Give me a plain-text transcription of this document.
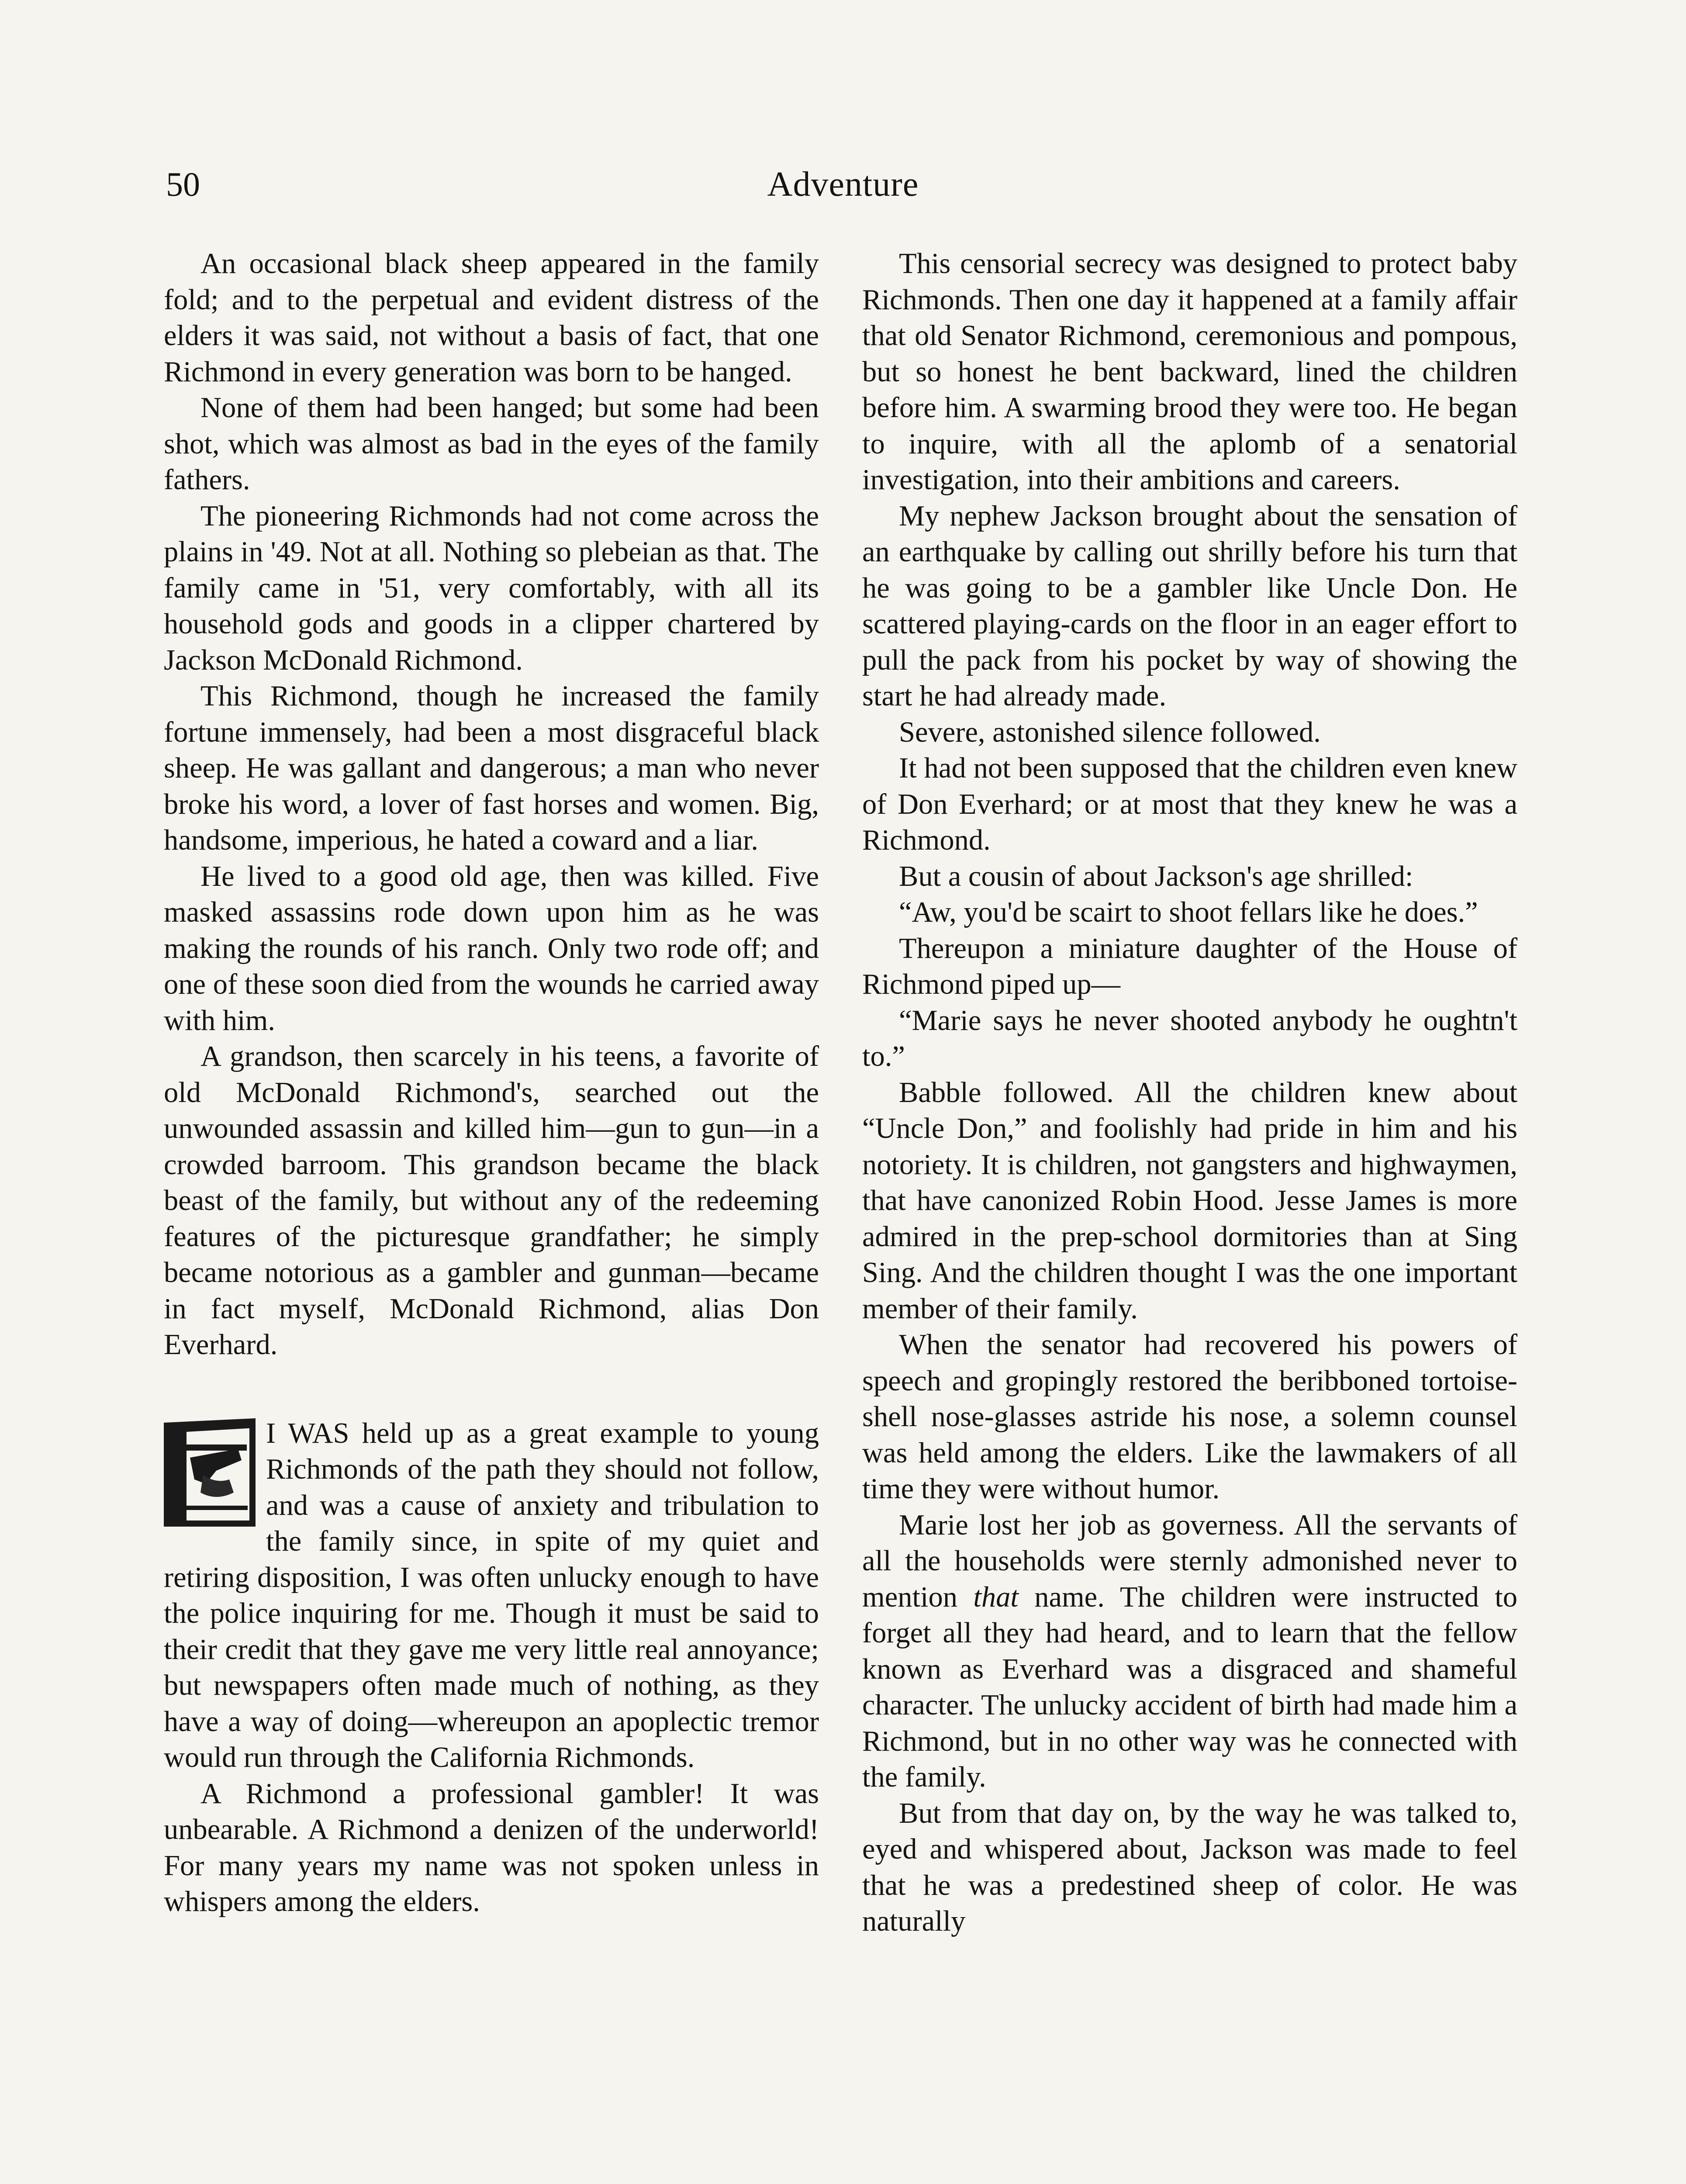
50	Adventure

An occasional black sheep appeared in the family fold; and to the perpetual and evident distress of the elders it was said, not without a basis of fact, that one Richmond in every generation was born to be hanged.

None of them had been hanged; but some had been shot, which was almost as bad in the eyes of the family fathers.

The pioneering Richmonds had not come across the plains in '49. Not at all. Nothing so plebeian as that. The family came in '51, very comfortably, with all its household gods and goods in a clipper chartered by Jackson McDonald Richmond.

This Richmond, though he increased the family fortune immensely, had been a most disgraceful black sheep. He was gallant and dangerous; a man who never broke his word, a lover of fast horses and women. Big, handsome, imperious, he hated a coward and a liar.

He lived to a good old age, then was killed. Five masked assassins rode down upon him as he was making the rounds of his ranch. Only two rode off; and one of these soon died from the wounds he carried away with him.

A grandson, then scarcely in his teens, a favorite of old McDonald Richmond's, searched out the unwounded assassin and killed him—gun to gun—in a crowded barroom. This grandson became the black beast of the family, but without any of the redeeming features of the picturesque grandfather; he simply became notorious as a gambler and gunman—became in fact myself, McDonald Richmond, alias Don Everhard.

I WAS held up as a great example to young Richmonds of the path they should not follow, and was a cause of anxiety and tribulation to the family since, in spite of my quiet and retiring disposition, I was often unlucky enough to have the police inquiring for me. Though it must be said to their credit that they gave me very little real annoyance; but newspapers often made much of nothing, as they have a way of doing—whereupon an apoplectic tremor would run through the California Richmonds.

A Richmond a professional gambler! It was unbearable. A Richmond a denizen of the underworld! For many years my name was not spoken unless in whispers among the elders.

This censorial secrecy was designed to protect baby Richmonds. Then one day it happened at a family affair that old Senator Richmond, ceremonious and pompous, but so honest he bent backward, lined the children before him. A swarming brood they were too. He began to inquire, with all the aplomb of a senatorial investigation, into their ambitions and careers.

My nephew Jackson brought about the sensation of an earthquake by calling out shrilly before his turn that he was going to be a gambler like Uncle Don. He scattered playing-cards on the floor in an eager effort to pull the pack from his pocket by way of showing the start he had already made.

Severe, astonished silence followed.

It had not been supposed that the children even knew of Don Everhard; or at most that they knew he was a Richmond.

But a cousin of about Jackson's age shrilled:

“Aw, you'd be scairt to shoot fellars like he does.”

Thereupon a miniature daughter of the House of Richmond piped up—

“Marie says he never shooted anybody he oughtn't to.”

Babble followed. All the children knew about “Uncle Don,” and foolishly had pride in him and his notoriety. It is children, not gangsters and highwaymen, that have canonized Robin Hood. Jesse James is more admired in the prep-school dormitories than at Sing Sing. And the children thought I was the one important member of their family.

When the senator had recovered his powers of speech and gropingly restored the beribboned tortoise-shell nose-glasses astride his nose, a solemn counsel was held among the elders. Like the lawmakers of all time they were without humor.

Marie lost her job as governess. All the servants of all the households were sternly admonished never to mention that name. The children were instructed to forget all they had heard, and to learn that the fellow known as Everhard was a disgraced and shameful character. The unlucky accident of birth had made him a Richmond, but in no other way was he connected with the family.

But from that day on, by the way he was talked to, eyed and whispered about, Jackson was made to feel that he was a predestined sheep of color. He was naturally
